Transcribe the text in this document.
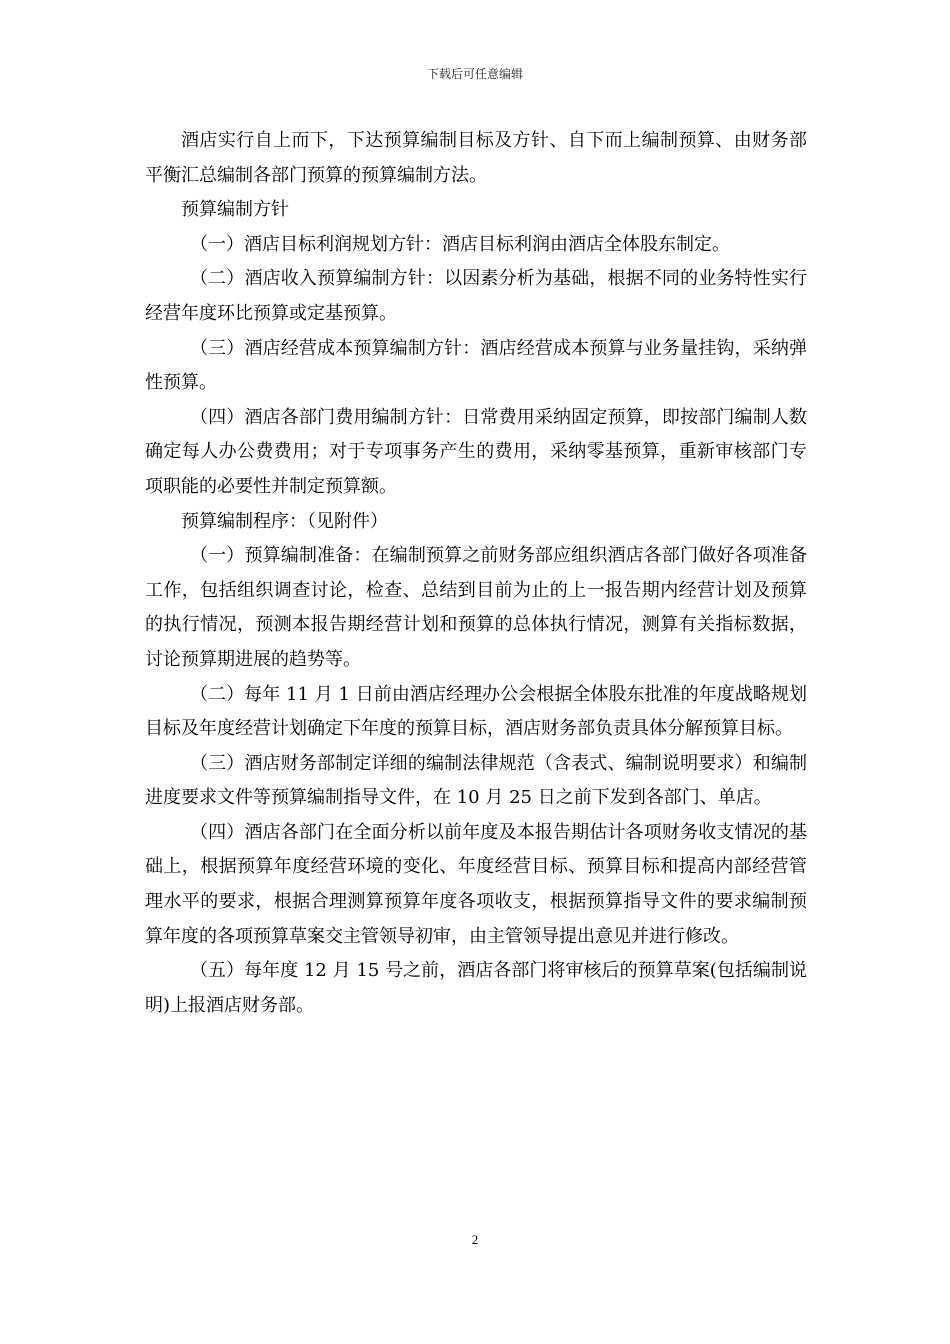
下载后可任意编辑

酒店实行自上而下，下达预算编制目标及方针、自下而上编制预算、由财务部平衡汇总编制各部门预算的预算编制方法。

预算编制方针

（一）酒店目标利润规划方针：酒店目标利润由酒店全体股东制定。

（二）酒店收入预算编制方针：以因素分析为基础，根据不同的业务特性实行经营年度环比预算或定基预算。

（三）酒店经营成本预算编制方针：酒店经营成本预算与业务量挂钩，采纳弹性预算。

（四）酒店各部门费用编制方针：日常费用采纳固定预算，即按部门编制人数确定每人办公费费用；对于专项事务产生的费用，采纳零基预算，重新审核部门专项职能的必要性并制定预算额。

预算编制程序：（见附件）

（一）预算编制准备：在编制预算之前财务部应组织酒店各部门做好各项准备工作，包括组织调查讨论，检查、总结到目前为止的上一报告期内经营计划及预算的执行情况，预测本报告期经营计划和预算的总体执行情况，测算有关指标数据，讨论预算期进展的趋势等。

（二）每年 11 月 1 日前由酒店经理办公会根据全体股东批准的年度战略规划目标及年度经营计划确定下年度的预算目标，酒店财务部负责具体分解预算目标。

（三）酒店财务部制定详细的编制法律规范（含表式、编制说明要求）和编制进度要求文件等预算编制指导文件，在 10 月 25 日之前下发到各部门、单店。

（四）酒店各部门在全面分析以前年度及本报告期估计各项财务收支情况的基础上，根据预算年度经营环境的变化、年度经营目标、预算目标和提高内部经营管理水平的要求，根据合理测算预算年度各项收支，根据预算指导文件的要求编制预算年度的各项预算草案交主管领导初审，由主管领导提出意见并进行修改。

（五）每年度 12 月 15 号之前，酒店各部门将审核后的预算草案(包括编制说明)上报酒店财务部。

2
